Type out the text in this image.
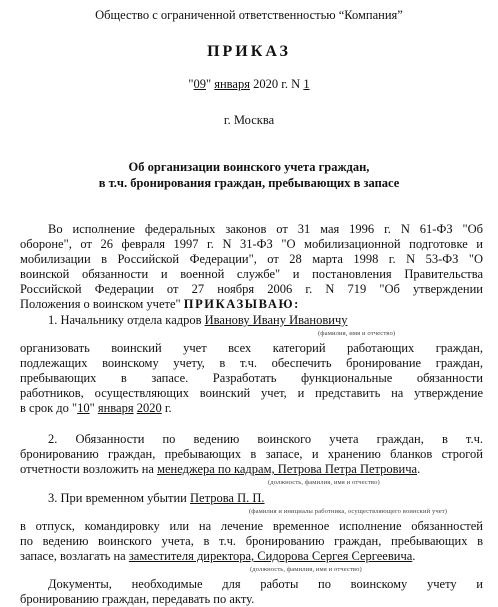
Общество с ограниченной ответственностью “Компания”
ПРИКАЗ
"09" января 2020 г. N 1
г. Москва
Об организации воинского учета граждан,
в т.ч. бронирования граждан, пребывающих в запасе
Во исполнение федеральных законов от 31 мая 1996 г. N 61-ФЗ "Об
обороне", от 26 февраля 1997 г. N 31-ФЗ "О мобилизационной подготовке и
мобилизации в Российской Федерации", от 28 марта 1998 г. N 53-ФЗ "О
воинской обязанности и военной службе" и постановления Правительства
Российской Федерации от 27 ноября 2006 г. N 719 "Об утверждении
Положения о воинском учете" ПРИКАЗЫВАЮ:
1. Начальнику отдела кадров Иванову Ивану Ивановичу
(фамилия, имя и отчество)
организовать воинский учет всех категорий работающих граждан,
подлежащих воинскому учету, в т.ч. обеспечить бронирование граждан,
пребывающих в запасе. Разработать функциональные обязанности
работников, осуществляющих воинский учет, и представить на утверждение
в срок до "10" января 2020 г.
2. Обязанности по ведению воинского учета граждан, в т.ч.
бронированию граждан, пребывающих в запасе, и хранению бланков строгой
отчетности возложить на менеджера по кадрам, Петрова Петра Петровича.
(должность, фамилия, имя и отчество)
3. При временном убытии Петрова П. П.
(фамилия и инициалы работника, осуществляющего воинский учет)
в отпуск, командировку или на лечение временное исполнение обязанностей
по ведению воинского учета, в т.ч. бронированию граждан, пребывающих в
запасе, возлагать на заместителя директора, Сидорова Сергея Сергеевича.
(должность, фамилия, имя и отчество)
Документы, необходимые для работы по воинскому учету и
бронированию граждан, передавать по акту.
